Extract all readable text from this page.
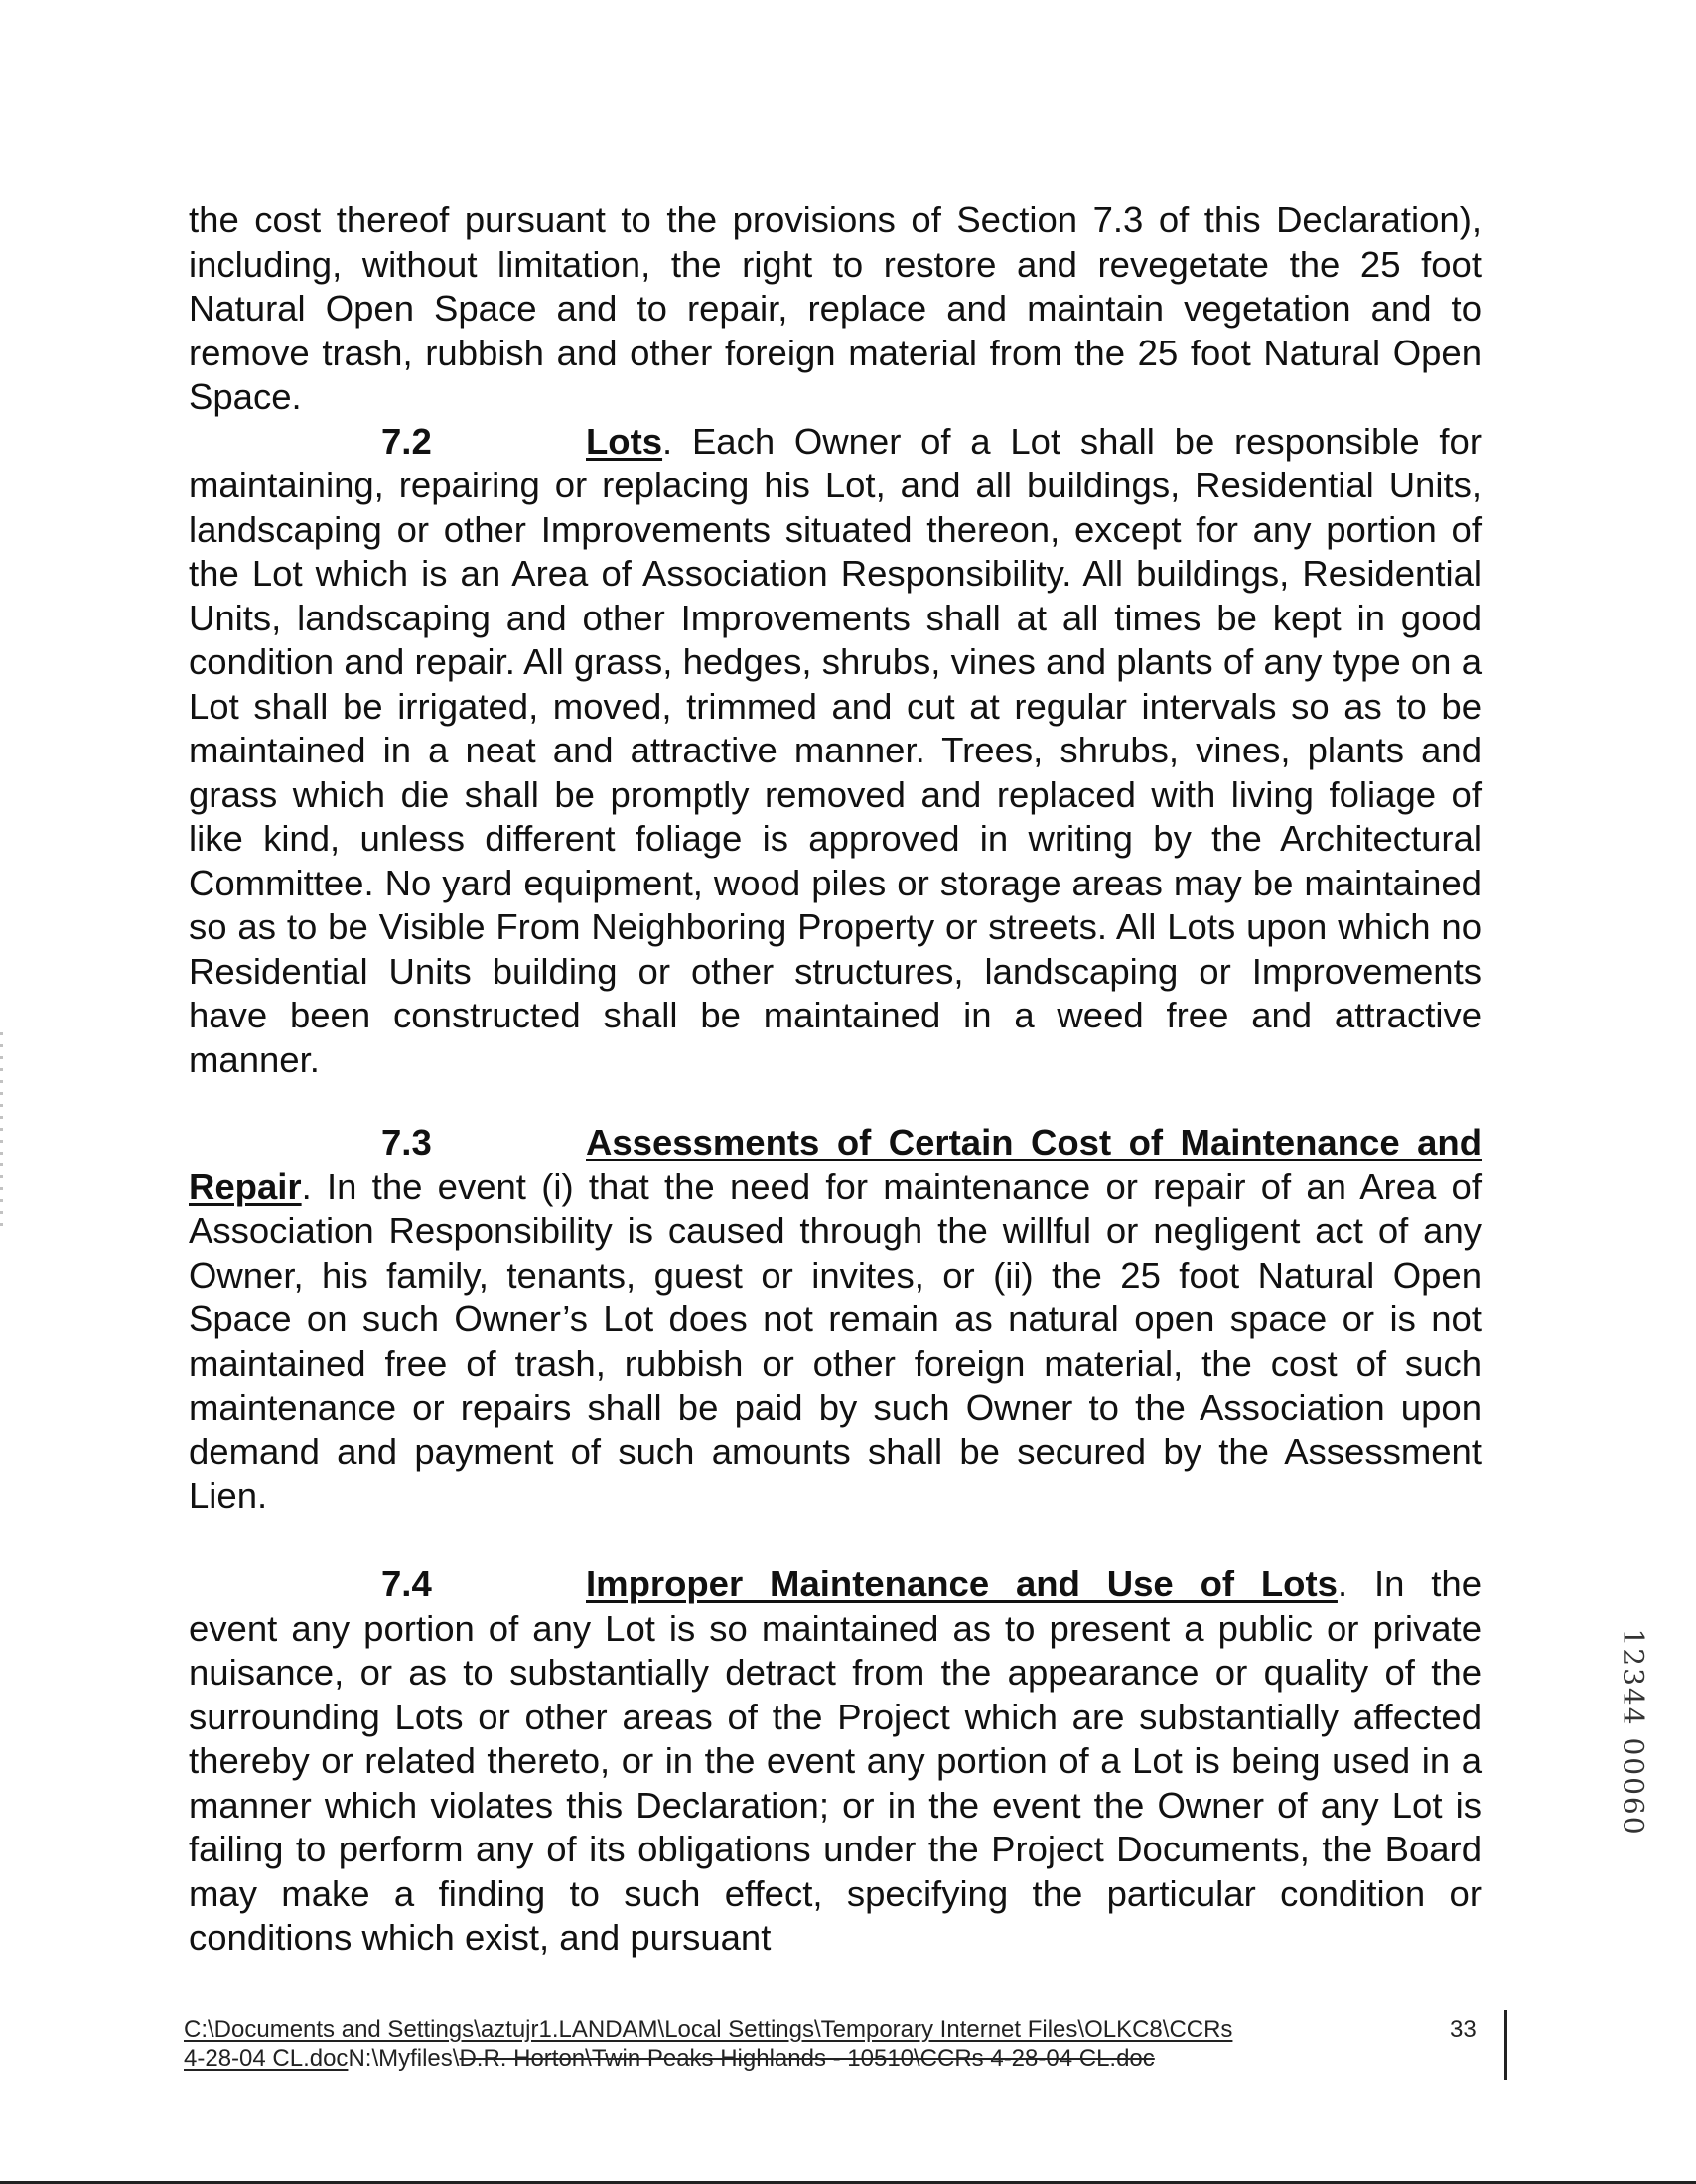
the cost thereof pursuant to the provisions of Section 7.3 of this Declaration), including, without limitation, the right to restore and revegetate the 25 foot Natural Open Space and to repair, replace and maintain vegetation and to remove trash, rubbish and other foreign material from the 25 foot Natural Open Space.
7.2	Lots. Each Owner of a Lot shall be responsible for
maintaining, repairing or replacing his Lot, and all buildings, Residential Units, landscaping or other Improvements situated thereon, except for any portion of the Lot which is an Area of Association Responsibility. All buildings, Residential Units, landscaping and other Improvements shall at all times be kept in good condition and repair. All grass, hedges, shrubs, vines and plants of any type on a Lot shall be irrigated, moved, trimmed and cut at regular intervals so as to be maintained in a neat and attractive manner. Trees, shrubs, vines, plants and grass which die shall be promptly removed and replaced with living foliage of like kind, unless different foliage is approved in writing by the Architectural Committee. No yard equipment, wood piles or storage areas may be maintained so as to be Visible From Neighboring Property or streets. All Lots upon which no Residential Units building or other structures, landscaping or Improvements have been constructed shall be maintained in a weed free and attractive manner.
7.3	Assessments of Certain Cost of Maintenance and
Repair. In the event (i) that the need for maintenance or repair of an Area of Association Responsibility is caused through the willful or negligent act of any Owner, his family, tenants, guest or invites, or (ii) the 25 foot Natural Open Space on such Owner’s Lot does not remain as natural open space or is not maintained free of trash, rubbish or other foreign material, the cost of such maintenance or repairs shall be paid by such Owner to the Association upon demand and payment of such amounts shall be secured by the Assessment Lien.
7.4	Improper Maintenance and Use of Lots. In the
event any portion of any Lot is so maintained as to present a public or private nuisance, or as to substantially detract from the appearance or quality of the surrounding Lots or other areas of the Project which are substantially affected thereby or related thereto, or in the event any portion of a Lot is being used in a manner which violates this Declaration; or in the event the Owner of any Lot is failing to perform any of its obligations under the Project Documents, the Board may make a finding to such effect, specifying the particular condition or conditions which exist, and pursuant
12344 00060
C:\Documents and Settings\aztujr1.LANDAM\Local Settings\Temporary Internet Files\OLKC8\CCRs
4-28-04 CL.docN:\Myfiles\D.R. Horton\Twin Peaks Highlands - 10510\CCRs 4-28-04 CL.doc
33
